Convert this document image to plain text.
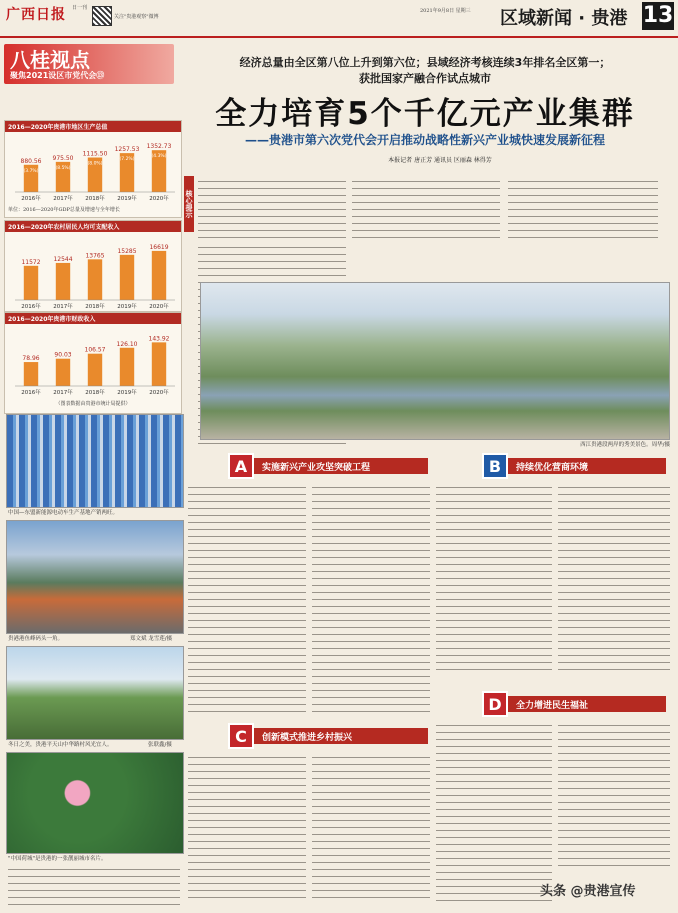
广西日报 日一刊
关注"贵港观察"微博
2021年9月8日 星期三 区域新闻 · 贵港 13
八桂视点
聚焦2021设区市党代会⑬
经济总量由全区第八位上升到第六位；县域经济考核连续3年排名全区第一；
获批国家产融合作试点城市
全力培育5个千亿元产业集群
——贵港市第六次党代会开启推动战略性新兴产业城快速发展新征程
本报记者 唐正芳 通讯员 区丽森 林得芳
2016—2020年贵港市地区生产总值
880.56
(3.7%)
2016年
975.50
(8.5%)
2017年
1115.50
(8.0%)
2018年
1257.53
(7.2%)
2019年
1352.73
(4.3%)
2020年
单位：2016—2020年GDP总量及增速与全年增长
2016—2020年农村居民人均可支配收入
11572
2016年
12544
2017年
13765
2018年
15285
2019年
16619
2020年
2016—2020年贵港市财政收入
78.96
2016年
90.03
2017年
106.57
2018年
126.10
2019年
143.92
2020年
（图表数据由贵港市统计局提供）
中国—东盟新能源电动车生产基地产销两旺。
贵港港鱼峰码头一角。	郑文斌 龙雪莲/摄
冬日之美，贵港平天山中华路村风光宜人。	张联鑫/摄
"中国荷城"是贵港的一张靓丽城市名片。
核心提示
西江贵港段两岸的秀美景色。周华/摄
A	实施新兴产业攻坚突破工程	B	持续优化营商环境
C	创新模式推进乡村振兴
D	全力增进民生福祉
头条 @贵港宣传
